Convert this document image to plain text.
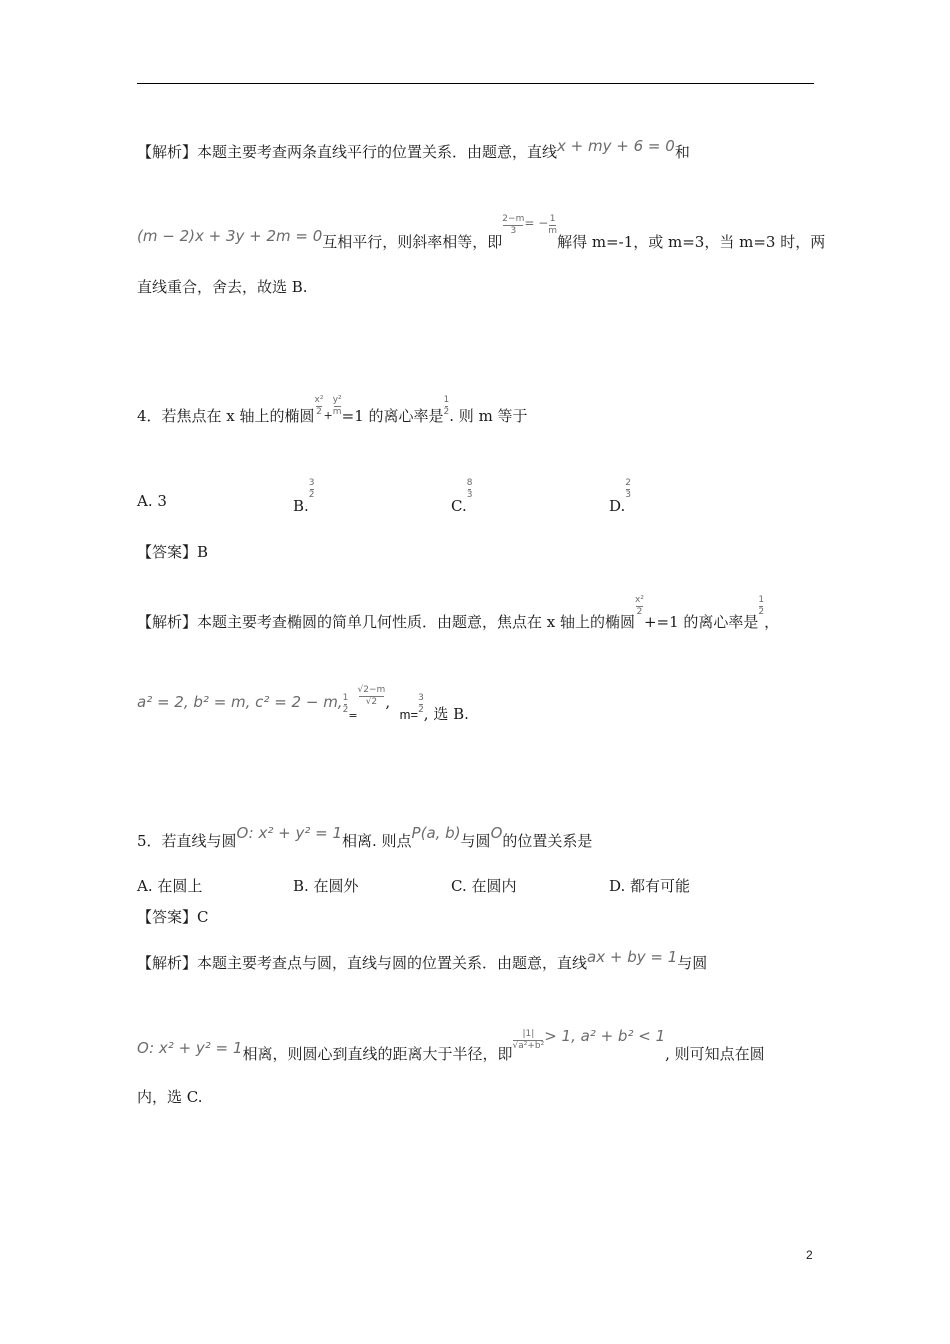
【解析】本题主要考查两条直线平行的位置关系．由题意，直线x + my + 6 = 0和
(m − 2)x + 3y + 2m = 0互相平行，则斜率相等，即
$\frac{2-m}{3} ^{= -} \frac{1}{m}$
解得 m=-1，或 m=3，当 m=3 时，两
直线重合，舍去，故选 B.
4．若焦点在 x 轴上的椭圆 $\frac{\text{x²}}{2} + \frac{\text{y²}}{m} =1$ 的离心率是 $\frac{1}{2}$ . 则 m 等于
A. 3	B.
$\frac{3}{2}$
C.
$\frac{8}{3}$
D.
$\frac{2}{3}$
【答案】B
【解析】本题主要考查椭圆的简单几何性质．由题意，焦点在 x 轴上的椭圆
$\frac{\text{x²}}{2}$
+=1 的离心率是
$\frac{1}{2}$
，
a² = 2, b² = m, c² = 2 − m, $\frac{1}{2}$ =
$\frac{√2-m}{√2}$ ,  $m= \frac{3}{2}$ , 选 B.
5．若直线与圆O: x² + y² = 1相离. 则点P(a, b)与圆O的位置关系是
A. 在圆上	B. 在圆外	C. 在圆内	D. 都有可能
【答案】C
【解析】本题主要考查点与圆，直线与圆的位置关系．由题意，直线ax + by = 1与圆
O: x² + y² = 1相离，则圆心到直线的距离大于半径，即
$\frac{|1|}{\text{√a²+b²}} > 1$, a² + b² < 1, 则可知点在圆
内，选 C.
2
